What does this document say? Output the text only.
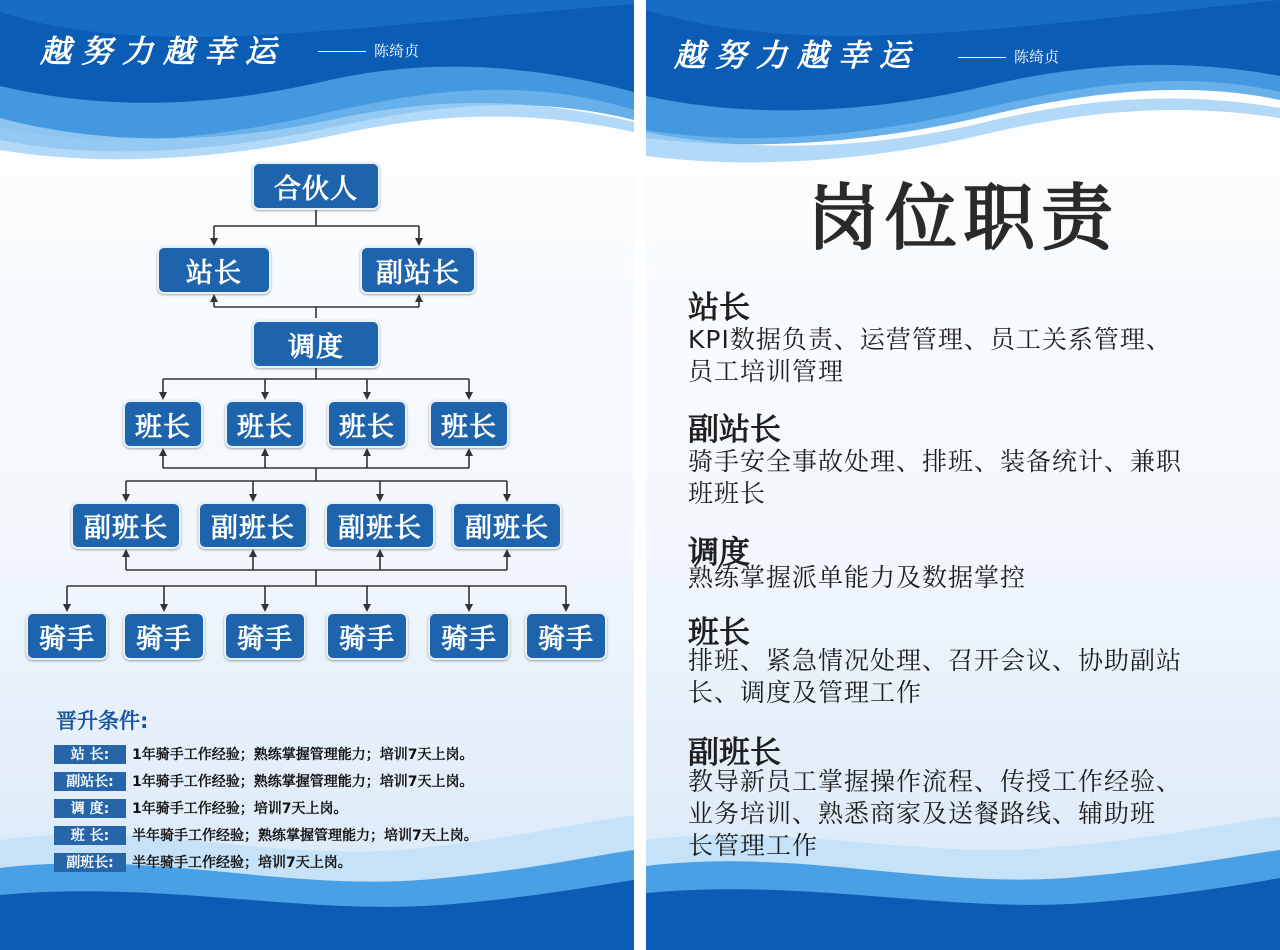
越努力越幸运	陈绮贞
合伙人
站长	副站长
调度
班长	班长	班长	班长
副班长	副班长	副班长	副班长
骑手	骑手	骑手	骑手	骑手	骑手
晋升条件:
站 长:	1年骑手工作经验；熟练掌握管理能力；培训7天上岗。
副站长:	1年骑手工作经验；熟练掌握管理能力；培训7天上岗。
调 度:	1年骑手工作经验；培训7天上岗。
班 长:	半年骑手工作经验；熟练掌握管理能力；培训7天上岗。
副班长:	半年骑手工作经验；培训7天上岗。
越努力越幸运	陈绮贞
岗位职责
站长
KPI数据负责、运营管理、员工关系管理、
员工培训管理
副站长
骑手安全事故处理、排班、装备统计、兼职
班班长
调度
熟练掌握派单能力及数据掌控
班长
排班、紧急情况处理、召开会议、协助副站
长、调度及管理工作
副班长
教导新员工掌握操作流程、传授工作经验、
业务培训、熟悉商家及送餐路线、辅助班
长管理工作
